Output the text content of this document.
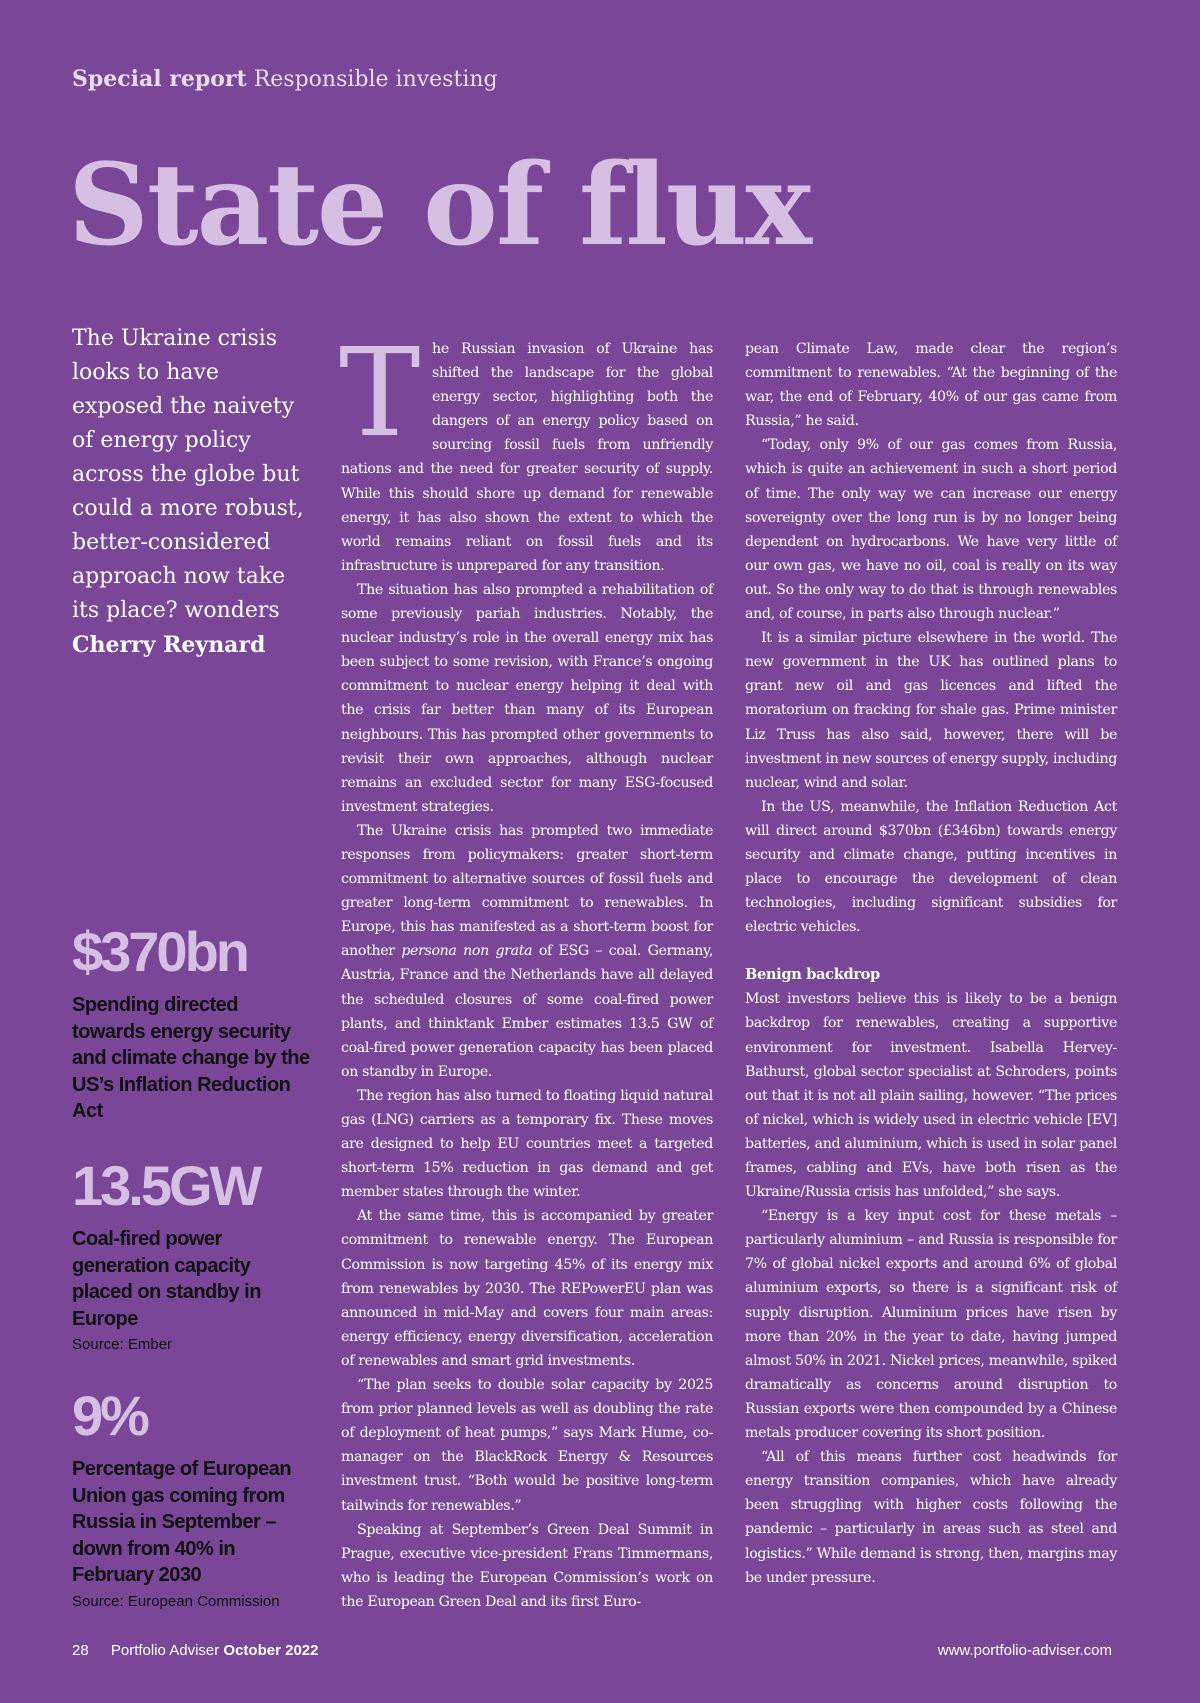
Special report Responsible investing
State of flux
The Ukraine crisis looks to have exposed the naivety of energy policy across the globe but could a more robust, better-considered approach now take its place? wonders
Cherry Reynard
$370bn
Spending directed towards energy security and climate change by the US’s Inflation Reduction Act
13.5GW
Coal-fired power generation capacity placed on standby in Europe
Source: Ember
9%
Percentage of European Union gas coming from Russia in September – down from 40% in February 2030
Source: European Commission
T he Russian invasion of Ukraine has shifted the landscape for the global energy sector, highlighting both the dangers of an energy policy based on sourcing fossil fuels from unfriendly nations and the need for greater security of supply. While this should shore up demand for renewable energy, it has also shown the extent to which the world remains reliant on fossil fuels and its infrastructure is unprepared for any transition.

The situation has also prompted a rehabilitation of some previously pariah industries. Notably, the nuclear industry’s role in the overall energy mix has been subject to some revision, with France’s ongoing commitment to nuclear energy helping it deal with the crisis far better than many of its European neighbours. This has prompted other governments to revisit their own approaches, although nuclear remains an excluded sector for many ESG-focused investment strategies.

The Ukraine crisis has prompted two immediate responses from policymakers: greater short-term commitment to alternative sources of fossil fuels and greater long-term commitment to renewables. In Europe, this has manifested as a short-term boost for another persona non grata of ESG – coal. Germany, Austria, France and the Netherlands have all delayed the scheduled closures of some coal-fired power plants, and thinktank Ember estimates 13.5 GW of coal-fired power generation capacity has been placed on standby in Europe.

The region has also turned to floating liquid natural gas (LNG) carriers as a temporary fix. These moves are designed to help EU countries meet a targeted short-term 15% reduction in gas demand and get member states through the winter.

At the same time, this is accompanied by greater commitment to renewable energy. The European Commission is now targeting 45% of its energy mix from renewables by 2030. The REPowerEU plan was announced in mid-May and covers four main areas: energy efficiency, energy diversification, acceleration of renewables and smart grid investments.

“The plan seeks to double solar capacity by 2025 from prior planned levels as well as doubling the rate of deployment of heat pumps,” says Mark Hume, co-manager on the BlackRock Energy & Resources investment trust. “Both would be positive long-term tailwinds for renewables.”

Speaking at September’s Green Deal Summit in Prague, executive vice-president Frans Timmermans, who is leading the European Commission’s work on the European Green Deal and its first Euro-

pean Climate Law, made clear the region’s commitment to renewables. “At the beginning of the war, the end of February, 40% of our gas came from Russia,” he said.

“Today, only 9% of our gas comes from Russia, which is quite an achievement in such a short period of time. The only way we can increase our energy sovereignty over the long run is by no longer being dependent on hydrocarbons. We have very little of our own gas, we have no oil, coal is really on its way out. So the only way to do that is through renewables and, of course, in parts also through nuclear.”

It is a similar picture elsewhere in the world. The new government in the UK has outlined plans to grant new oil and gas licences and lifted the moratorium on fracking for shale gas. Prime minister Liz Truss has also said, however, there will be investment in new sources of energy supply, including nuclear, wind and solar.

In the US, meanwhile, the Inflation Reduction Act will direct around $370bn (£346bn) towards energy security and climate change, putting incentives in place to encourage the development of clean technologies, including significant subsidies for electric vehicles.

Benign backdrop

Most investors believe this is likely to be a benign backdrop for renewables, creating a supportive environment for investment. Isabella Hervey-Bathurst, global sector specialist at Schroders, points out that it is not all plain sailing, however. “The prices of nickel, which is widely used in electric vehicle [EV] batteries, and aluminium, which is used in solar panel frames, cabling and EVs, have both risen as the Ukraine/Russia crisis has unfolded,” she says.

“Energy is a key input cost for these metals – particularly aluminium – and Russia is responsible for 7% of global nickel exports and around 6% of global aluminium exports, so there is a significant risk of supply disruption. Aluminium prices have risen by more than 20% in the year to date, having jumped almost 50% in 2021. Nickel prices, meanwhile, spiked dramatically as concerns around disruption to Russian exports were then compounded by a Chinese metals producer covering its short position.

“All of this means further cost headwinds for energy transition companies, which have already been struggling with higher costs following the pandemic – particularly in areas such as steel and logistics.” While demand is strong, then, margins may be under pressure.

28 Portfolio Adviser October 2022	www.portfolio-adviser.com
